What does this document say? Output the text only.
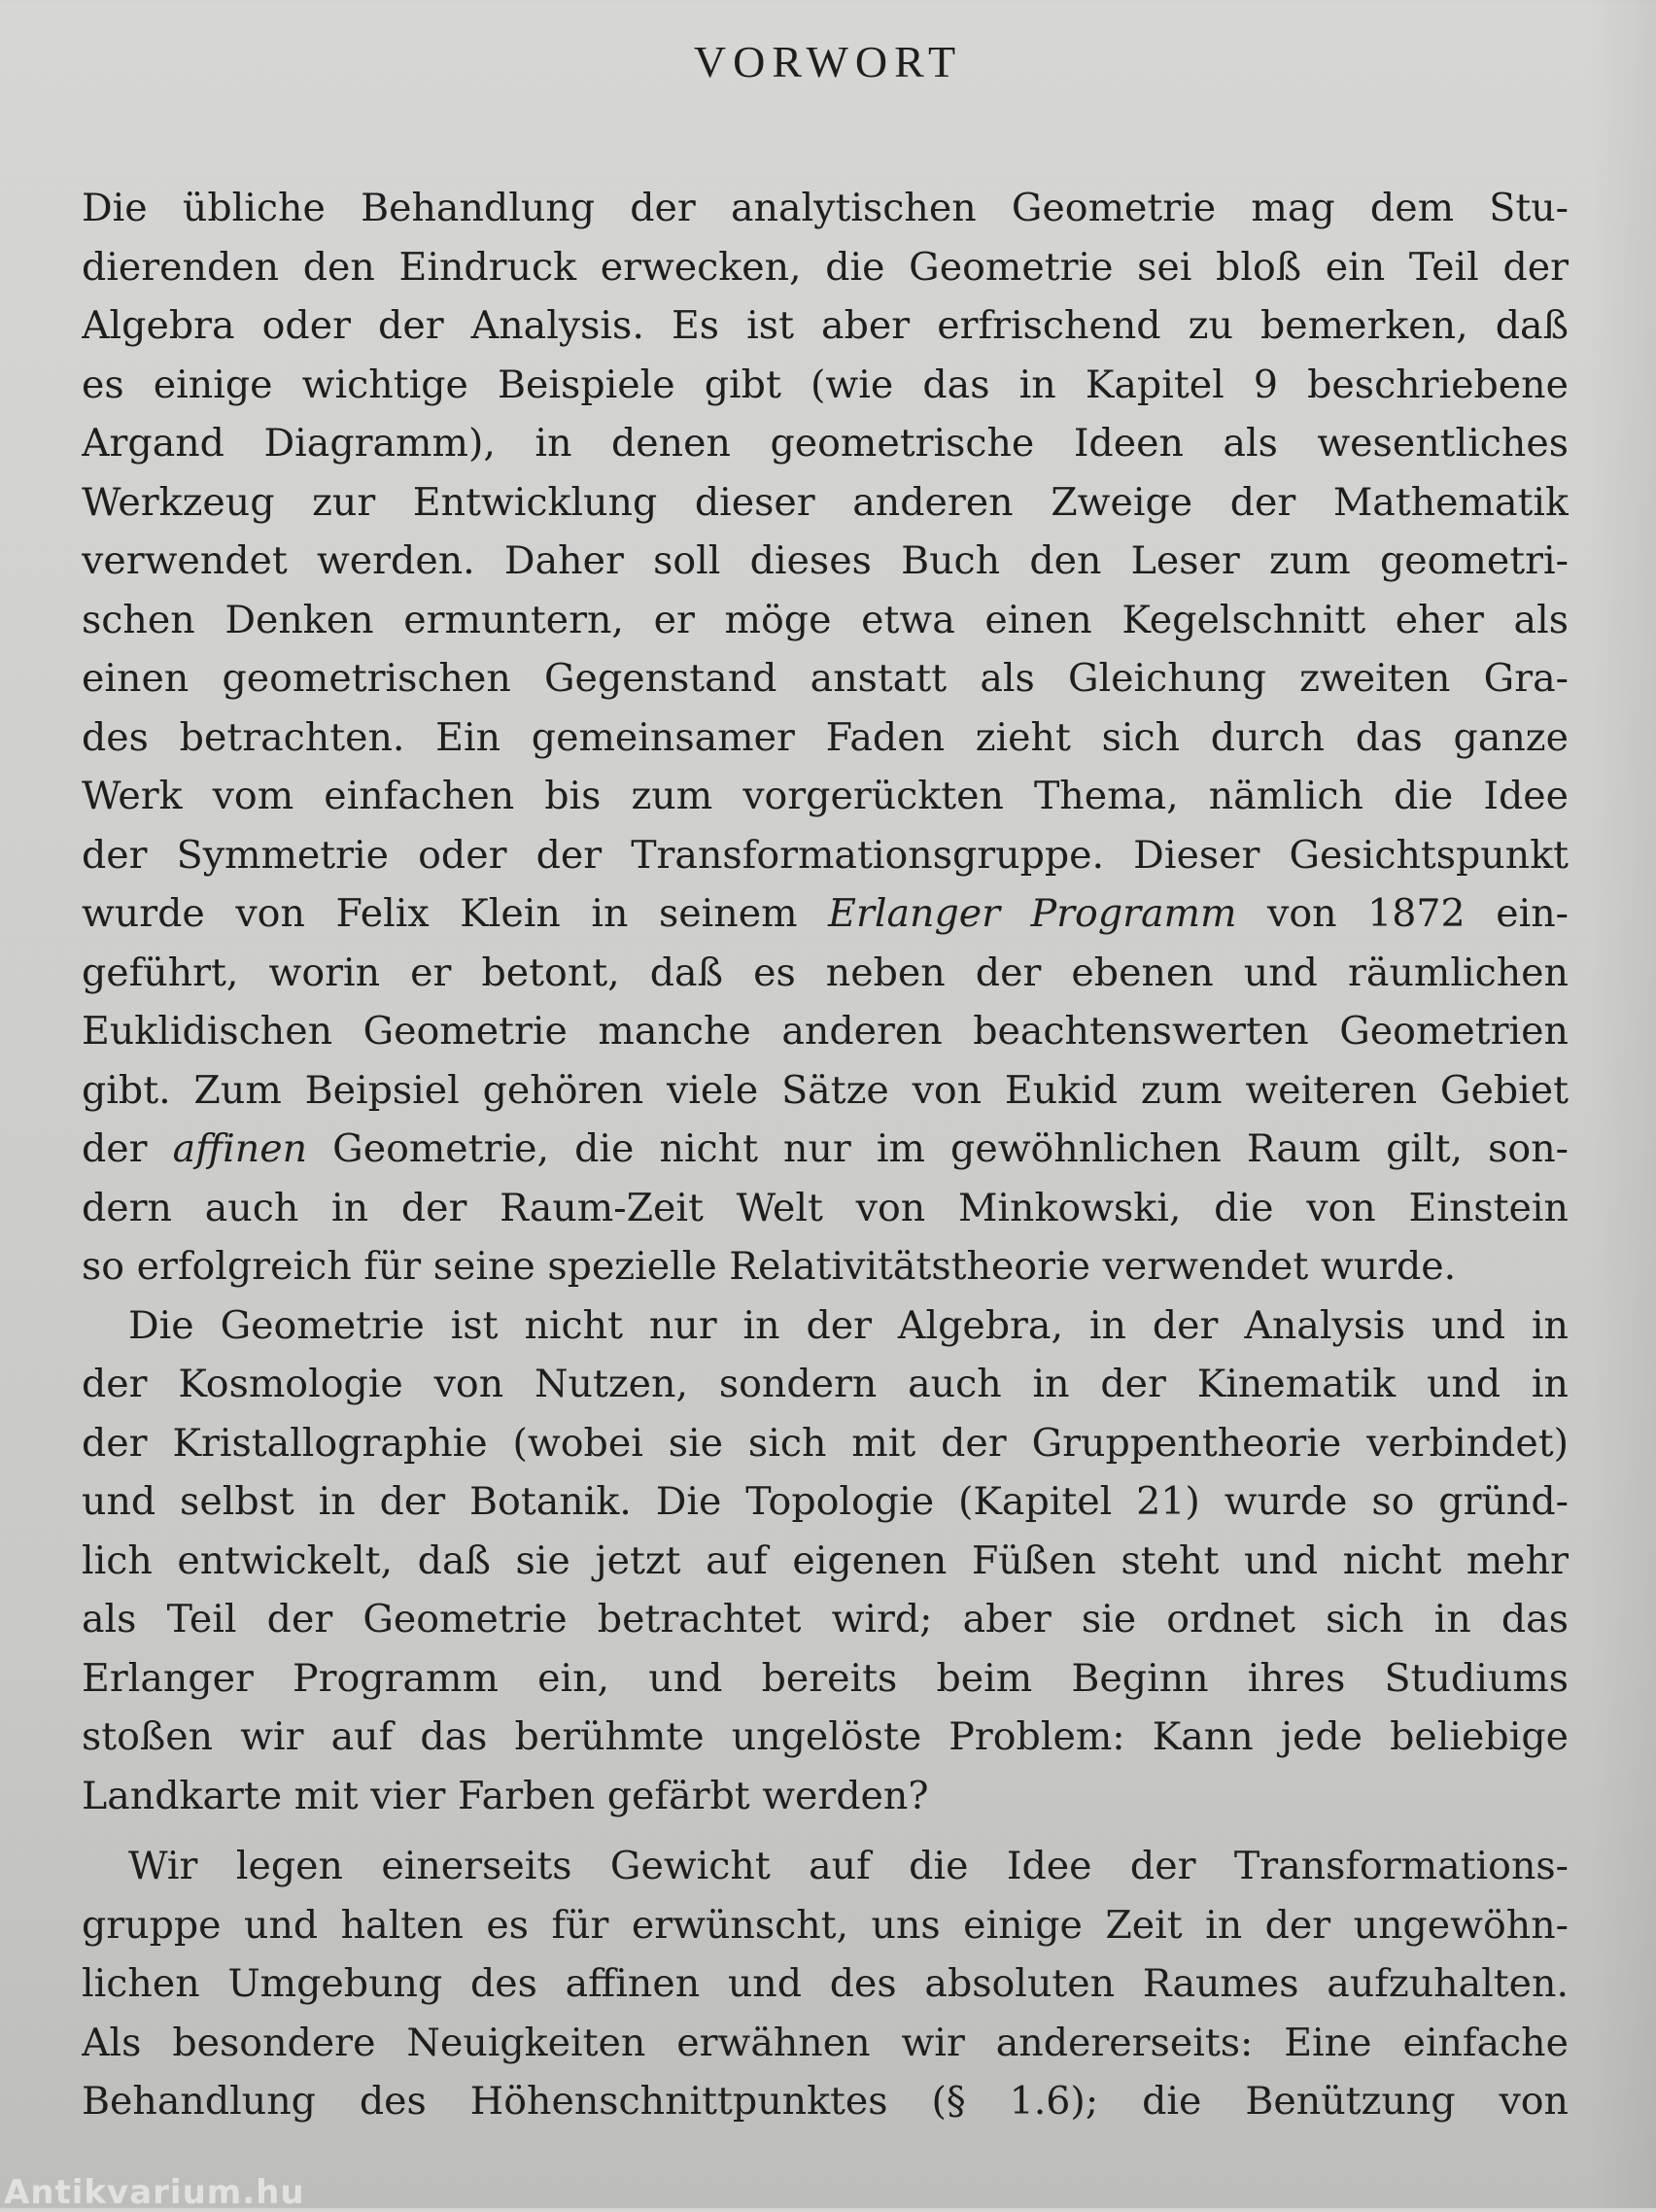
VORWORT
Die übliche Behandlung der analytischen Geometrie mag dem Stu-
dierenden den Eindruck erwecken, die Geometrie sei bloß ein Teil der
Algebra oder der Analysis. Es ist aber erfrischend zu bemerken, daß
es einige wichtige Beispiele gibt (wie das in Kapitel 9 beschriebene
Argand Diagramm), in denen geometrische Ideen als wesentliches
Werkzeug zur Entwicklung dieser anderen Zweige der Mathematik
verwendet werden. Daher soll dieses Buch den Leser zum geometri-
schen Denken ermuntern, er möge etwa einen Kegelschnitt eher als
einen geometrischen Gegenstand anstatt als Gleichung zweiten Gra-
des betrachten. Ein gemeinsamer Faden zieht sich durch das ganze
Werk vom einfachen bis zum vorgerückten Thema, nämlich die Idee
der Symmetrie oder der Transformationsgruppe. Dieser Gesichtspunkt
wurde von Felix Klein in seinem Erlanger Programm von 1872 ein-
geführt, worin er betont, daß es neben der ebenen und räumlichen
Euklidischen Geometrie manche anderen beachtenswerten Geometrien
gibt. Zum Beipsiel gehören viele Sätze von Eukid zum weiteren Gebiet
der affinen Geometrie, die nicht nur im gewöhnlichen Raum gilt, son-
dern auch in der Raum-Zeit Welt von Minkowski, die von Einstein
so erfolgreich für seine spezielle Relativitätstheorie verwendet wurde.
Die Geometrie ist nicht nur in der Algebra, in der Analysis und in
der Kosmologie von Nutzen, sondern auch in der Kinematik und in
der Kristallographie (wobei sie sich mit der Gruppentheorie verbindet)
und selbst in der Botanik. Die Topologie (Kapitel 21) wurde so gründ-
lich entwickelt, daß sie jetzt auf eigenen Füßen steht und nicht mehr
als Teil der Geometrie betrachtet wird; aber sie ordnet sich in das
Erlanger Programm ein, und bereits beim Beginn ihres Studiums
stoßen wir auf das berühmte ungelöste Problem: Kann jede beliebige
Landkarte mit vier Farben gefärbt werden?
Wir legen einerseits Gewicht auf die Idee der Transformations-
gruppe und halten es für erwünscht, uns einige Zeit in der ungewöhn-
lichen Umgebung des affinen und des absoluten Raumes aufzuhalten.
Als besondere Neuigkeiten erwähnen wir andererseits: Eine einfache
Behandlung des Höhenschnittpunktes (§ 1.6); die Benützung von
Antikvarium.hu
